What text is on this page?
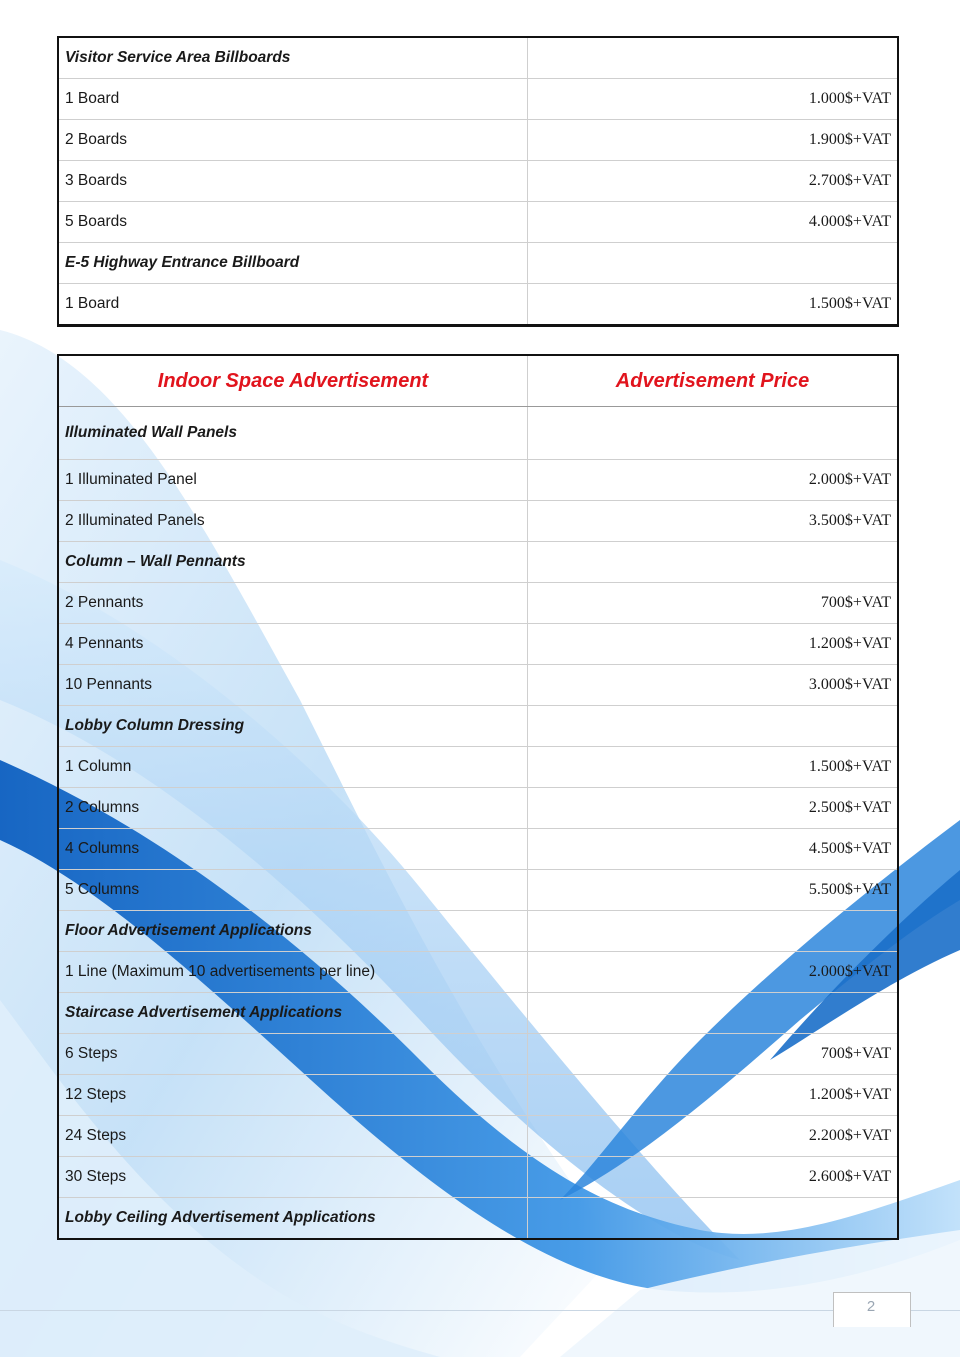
Visitor Service Area Billboards	
1 Board	1.000$+VAT
2 Boards	1.900$+VAT
3 Boards	2.700$+VAT
5 Boards	4.000$+VAT
E-5 Highway Entrance Billboard	
1 Board	1.500$+VAT
Indoor Space Advertisement	Advertisement Price
Illuminated Wall Panels	
1 Illuminated Panel	2.000$+VAT
2 Illuminated Panels	3.500$+VAT
Column – Wall Pennants	
2 Pennants	700$+VAT
4 Pennants	1.200$+VAT
10 Pennants	3.000$+VAT
Lobby Column Dressing	
1 Column	1.500$+VAT
2 Columns	2.500$+VAT
4 Columns	4.500$+VAT
5 Columns	5.500$+VAT
Floor Advertisement Applications	
1 Line (Maximum 10 advertisements per line)	2.000$+VAT
Staircase Advertisement Applications	
6 Steps	700$+VAT
12 Steps	1.200$+VAT
24 Steps	2.200$+VAT
30 Steps	2.600$+VAT
Lobby Ceiling Advertisement Applications	
2
